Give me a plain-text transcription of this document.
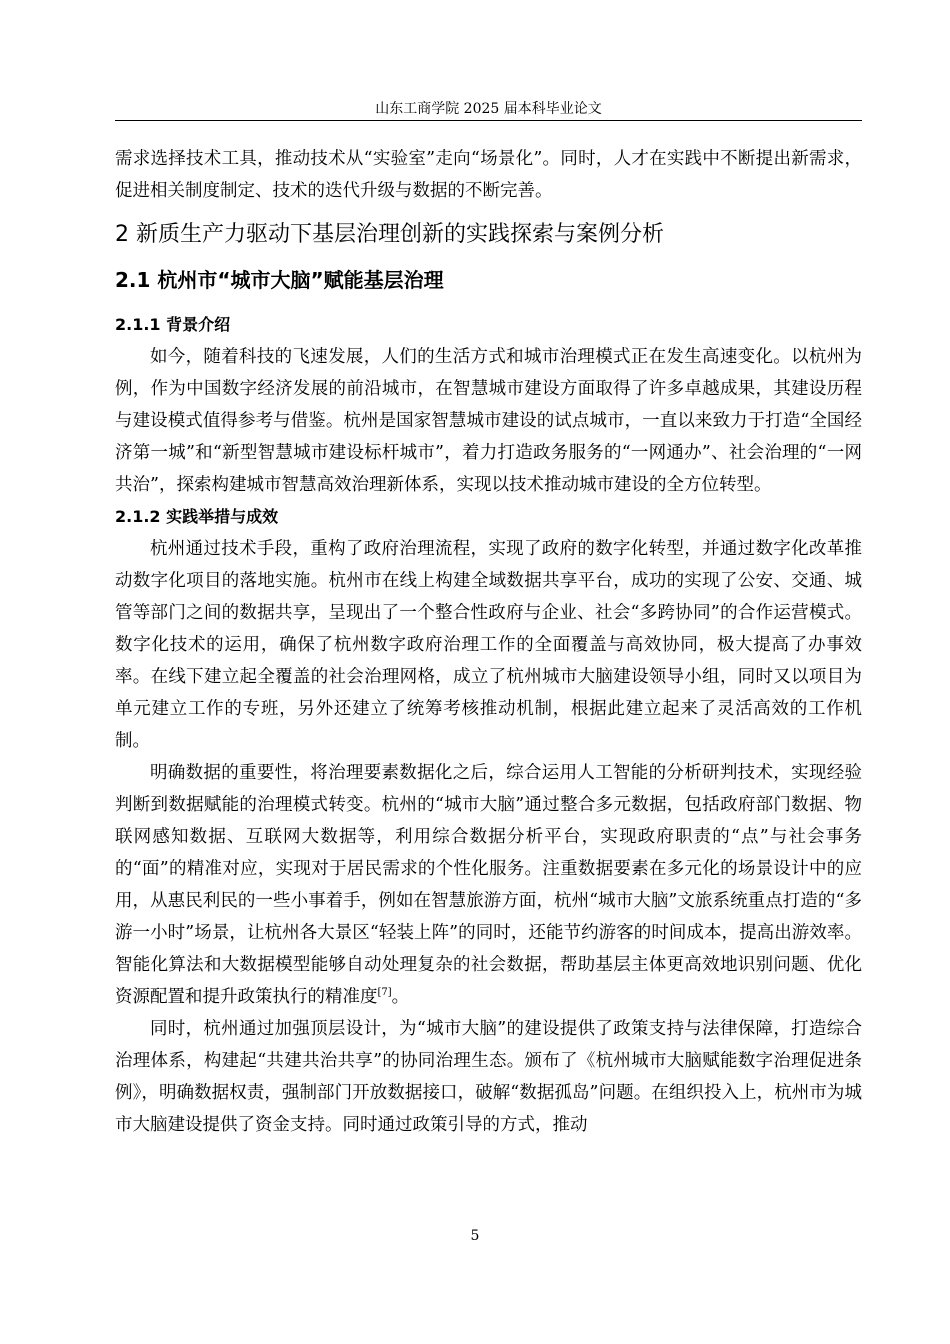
山东工商学院 2025 届本科毕业论文

需求选择技术工具，推动技术从“实验室”走向“场景化”。同时，人才在实践中不断提出新需求，促进相关制度制定、技术的迭代升级与数据的不断完善。

2 新质生产力驱动下基层治理创新的实践探索与案例分析
2.1 杭州市“城市大脑”赋能基层治理
2.1.1 背景介绍

如今，随着科技的飞速发展，人们的生活方式和城市治理模式正在发生高速变化。以杭州为例，作为中国数字经济发展的前沿城市，在智慧城市建设方面取得了许多卓越成果，其建设历程与建设模式值得参考与借鉴。杭州是国家智慧城市建设的试点城市，一直以来致力于打造“全国经济第一城”和“新型智慧城市建设标杆城市”，着力打造政务服务的“一网通办”、社会治理的“一网共治”，探索构建城市智慧高效治理新体系，实现以技术推动城市建设的全方位转型。

2.1.2 实践举措与成效

杭州通过技术手段，重构了政府治理流程，实现了政府的数字化转型，并通过数字化改革推动数字化项目的落地实施。杭州市在线上构建全域数据共享平台，成功的实现了公安、交通、城管等部门之间的数据共享，呈现出了一个整合性政府与企业、社会“多跨协同”的合作运营模式。数字化技术的运用，确保了杭州数字政府治理工作的全面覆盖与高效协同，极大提高了办事效率。在线下建立起全覆盖的社会治理网格，成立了杭州城市大脑建设领导小组，同时又以项目为单元建立工作的专班，另外还建立了统筹考核推动机制，根据此建立起来了灵活高效的工作机制。

明确数据的重要性，将治理要素数据化之后，综合运用人工智能的分析研判技术，实现经验判断到数据赋能的治理模式转变。杭州的“城市大脑”通过整合多元数据，包括政府部门数据、物联网感知数据、互联网大数据等，利用综合数据分析平台，实现政府职责的“点”与社会事务的“面”的精准对应，实现对于居民需求的个性化服务。注重数据要素在多元化的场景设计中的应用，从惠民利民的一些小事着手，例如在智慧旅游方面，杭州“城市大脑”文旅系统重点打造的“多游一小时”场景，让杭州各大景区“轻装上阵”的同时，还能节约游客的时间成本，提高出游效率。智能化算法和大数据模型能够自动处理复杂的社会数据，帮助基层主体更高效地识别问题、优化资源配置和提升政策执行的精准度[7]。

同时，杭州通过加强顶层设计，为“城市大脑”的建设提供了政策支持与法律保障，打造综合治理体系，构建起“共建共治共享”的协同治理生态。颁布了《杭州城市大脑赋能数字治理促进条例》，明确数据权责，强制部门开放数据接口，破解“数据孤岛”问题。在组织投入上，杭州市为城市大脑建设提供了资金支持。同时通过政策引导的方式，推动

5
